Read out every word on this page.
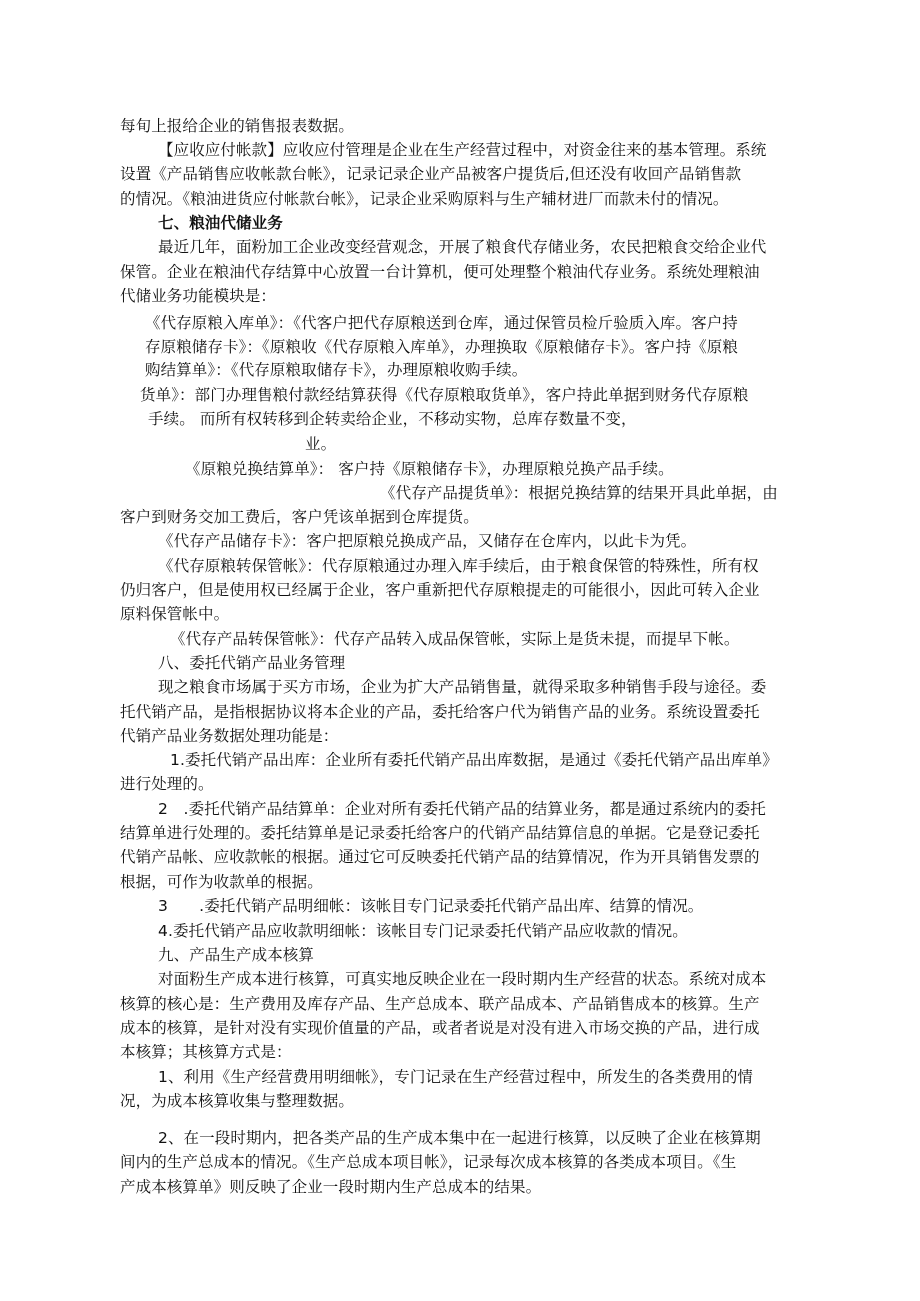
每旬上报给企业的销售报表数据。
【应收应付帐款】应收应付管理是企业在生产经营过程中，对资金往来的基本管理。系统
设置《产品销售应收帐款台帐》，记录记录企业产品被客户提货后,但还没有收回产品销售款
的情况。《粮油进货应付帐款台帐》，记录企业采购原料与生产辅材进厂而款未付的情况。
七、粮油代储业务
最近几年，面粉加工企业改变经营观念，开展了粮食代存储业务，农民把粮食交给企业代
保管。企业在粮油代存结算中心放置一台计算机，便可处理整个粮油代存业务。系统处理粮油
代储业务功能模块是：
《代存原粮入库单》：《代客户把代存原粮送到仓库，通过保管员检斤验质入库。客户持
存原粮储存卡》：《原粮收《代存原粮入库单》，办理换取《原粮储存卡》。客户持《原粮
购结算单》：《代存原粮取储存卡》，办理原粮收购手续。
货单》：部门办理售粮付款经结算获得《代存原粮取货单》，客户持此单据到财务代存原粮
手续。 而所有权转移到企转卖给企业，不移动实物，总库存数量不变，
业。
《原粮兑换结算单》： 客户持《原粮储存卡》，办理原粮兑换产品手续。
《代存产品提货单》：根据兑换结算的结果开具此单据，由
客户到财务交加工费后，客户凭该单据到仓库提货。
《代存产品储存卡》：客户把原粮兑换成产品，又储存在仓库内，以此卡为凭。
《代存原粮转保管帐》：代存原粮通过办理入库手续后，由于粮食保管的特殊性，所有权
仍归客户，但是使用权已经属于企业，客户重新把代存原粮提走的可能很小，因此可转入企业
原料保管帐中。
《代存产品转保管帐》：代存产品转入成品保管帐，实际上是货未提，而提早下帐。
八、委托代销产品业务管理
现之粮食市场属于买方市场，企业为扩大产品销售量，就得采取多种销售手段与途径。委
托代销产品，是指根据协议将本企业的产品，委托给客户代为销售产品的业务。系统设置委托
代销产品业务数据处理功能是：
1.委托代销产品出库：企业所有委托代销产品出库数据，是通过《委托代销产品出库单》
进行处理的。
2　.委托代销产品结算单：企业对所有委托代销产品的结算业务，都是通过系统内的委托
结算单进行处理的。委托结算单是记录委托给客户的代销产品结算信息的单据。它是登记委托
代销产品帐、应收款帐的根据。通过它可反映委托代销产品的结算情况，作为开具销售发票的
根据，可作为收款单的根据。
3　　.委托代销产品明细帐：该帐目专门记录委托代销产品出库、结算的情况。
4.委托代销产品应收款明细帐：该帐目专门记录委托代销产品应收款的情况。
九、产品生产成本核算
对面粉生产成本进行核算，可真实地反映企业在一段时期内生产经营的状态。系统对成本
核算的核心是：生产费用及库存产品、生产总成本、联产品成本、产品销售成本的核算。生产
成本的核算，是针对没有实现价值量的产品，或者者说是对没有进入市场交换的产品，进行成
本核算；其核算方式是：
1、利用《生产经营费用明细帐》，专门记录在生产经营过程中，所发生的各类费用的情
况，为成本核算收集与整理数据。
2、在一段时期内，把各类产品的生产成本集中在一起进行核算，以反映了企业在核算期
间内的生产总成本的情况。《生产总成本项目帐》，记录每次成本核算的各类成本项目。《生
产成本核算单》则反映了企业一段时期内生产总成本的结果。
